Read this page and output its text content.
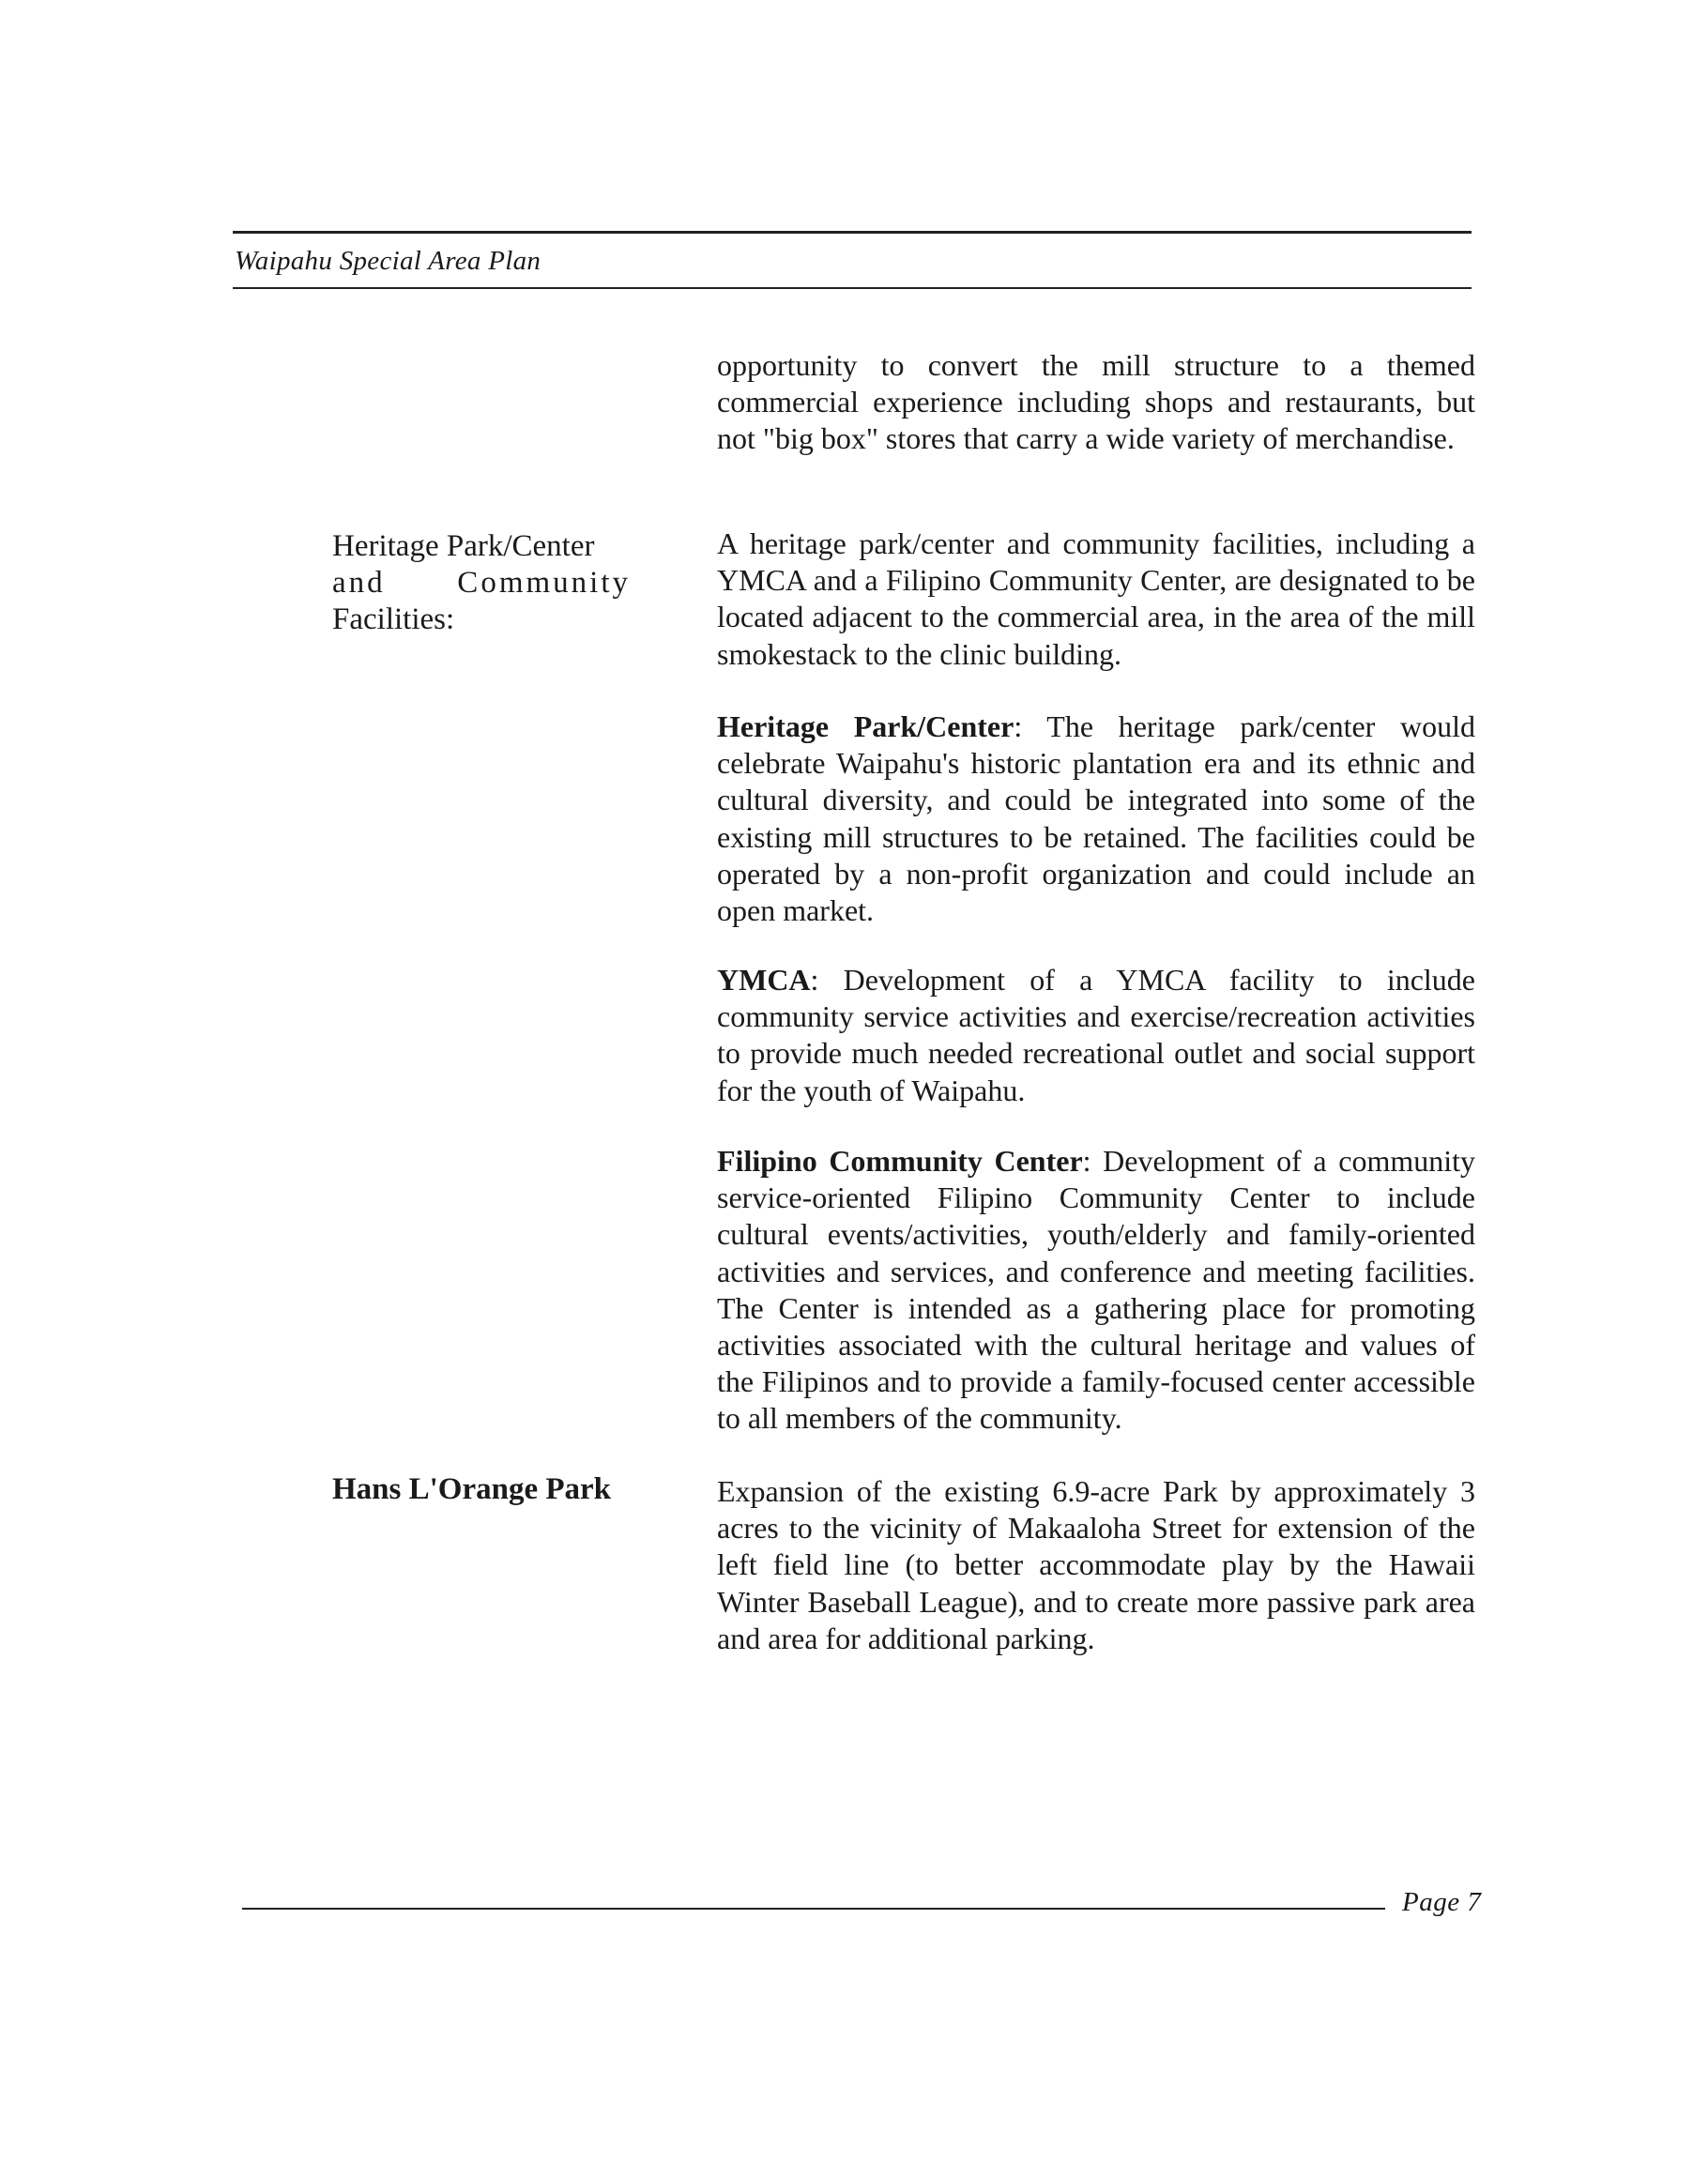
Waipahu Special Area Plan
Heritage Park/Center
and Community
Facilities:
Hans L'Orange Park

opportunity to convert the mill structure to a themed commercial experience including shops and restaurants, but not "big box" stores that carry a wide variety of merchandise.

A heritage park/center and community facilities, including a YMCA and a Filipino Community Center, are designated to be located adjacent to the commercial area, in the area of the mill smokestack to the clinic building.

Heritage Park/Center: The heritage park/center would celebrate Waipahu's historic plantation era and its ethnic and cultural diversity, and could be integrated into some of the existing mill structures to be retained. The facilities could be operated by a non-profit organization and could include an open market.

YMCA: Development of a YMCA facility to include community service activities and exercise/recreation activities to provide much needed recreational outlet and social support for the youth of Waipahu.

Filipino Community Center: Development of a community service-oriented Filipino Community Center to include cultural events/activities, youth/elderly and family-oriented activities and services, and conference and meeting facilities. The Center is intended as a gathering place for promoting activities associated with the cultural heritage and values of the Filipinos and to provide a family-focused center accessible to all members of the community.

Expansion of the existing 6.9-acre Park by approximately 3 acres to the vicinity of Makaaloha Street for extension of the left field line (to better accommodate play by the Hawaii Winter Baseball League), and to create more passive park area and area for additional parking.

Page 7
